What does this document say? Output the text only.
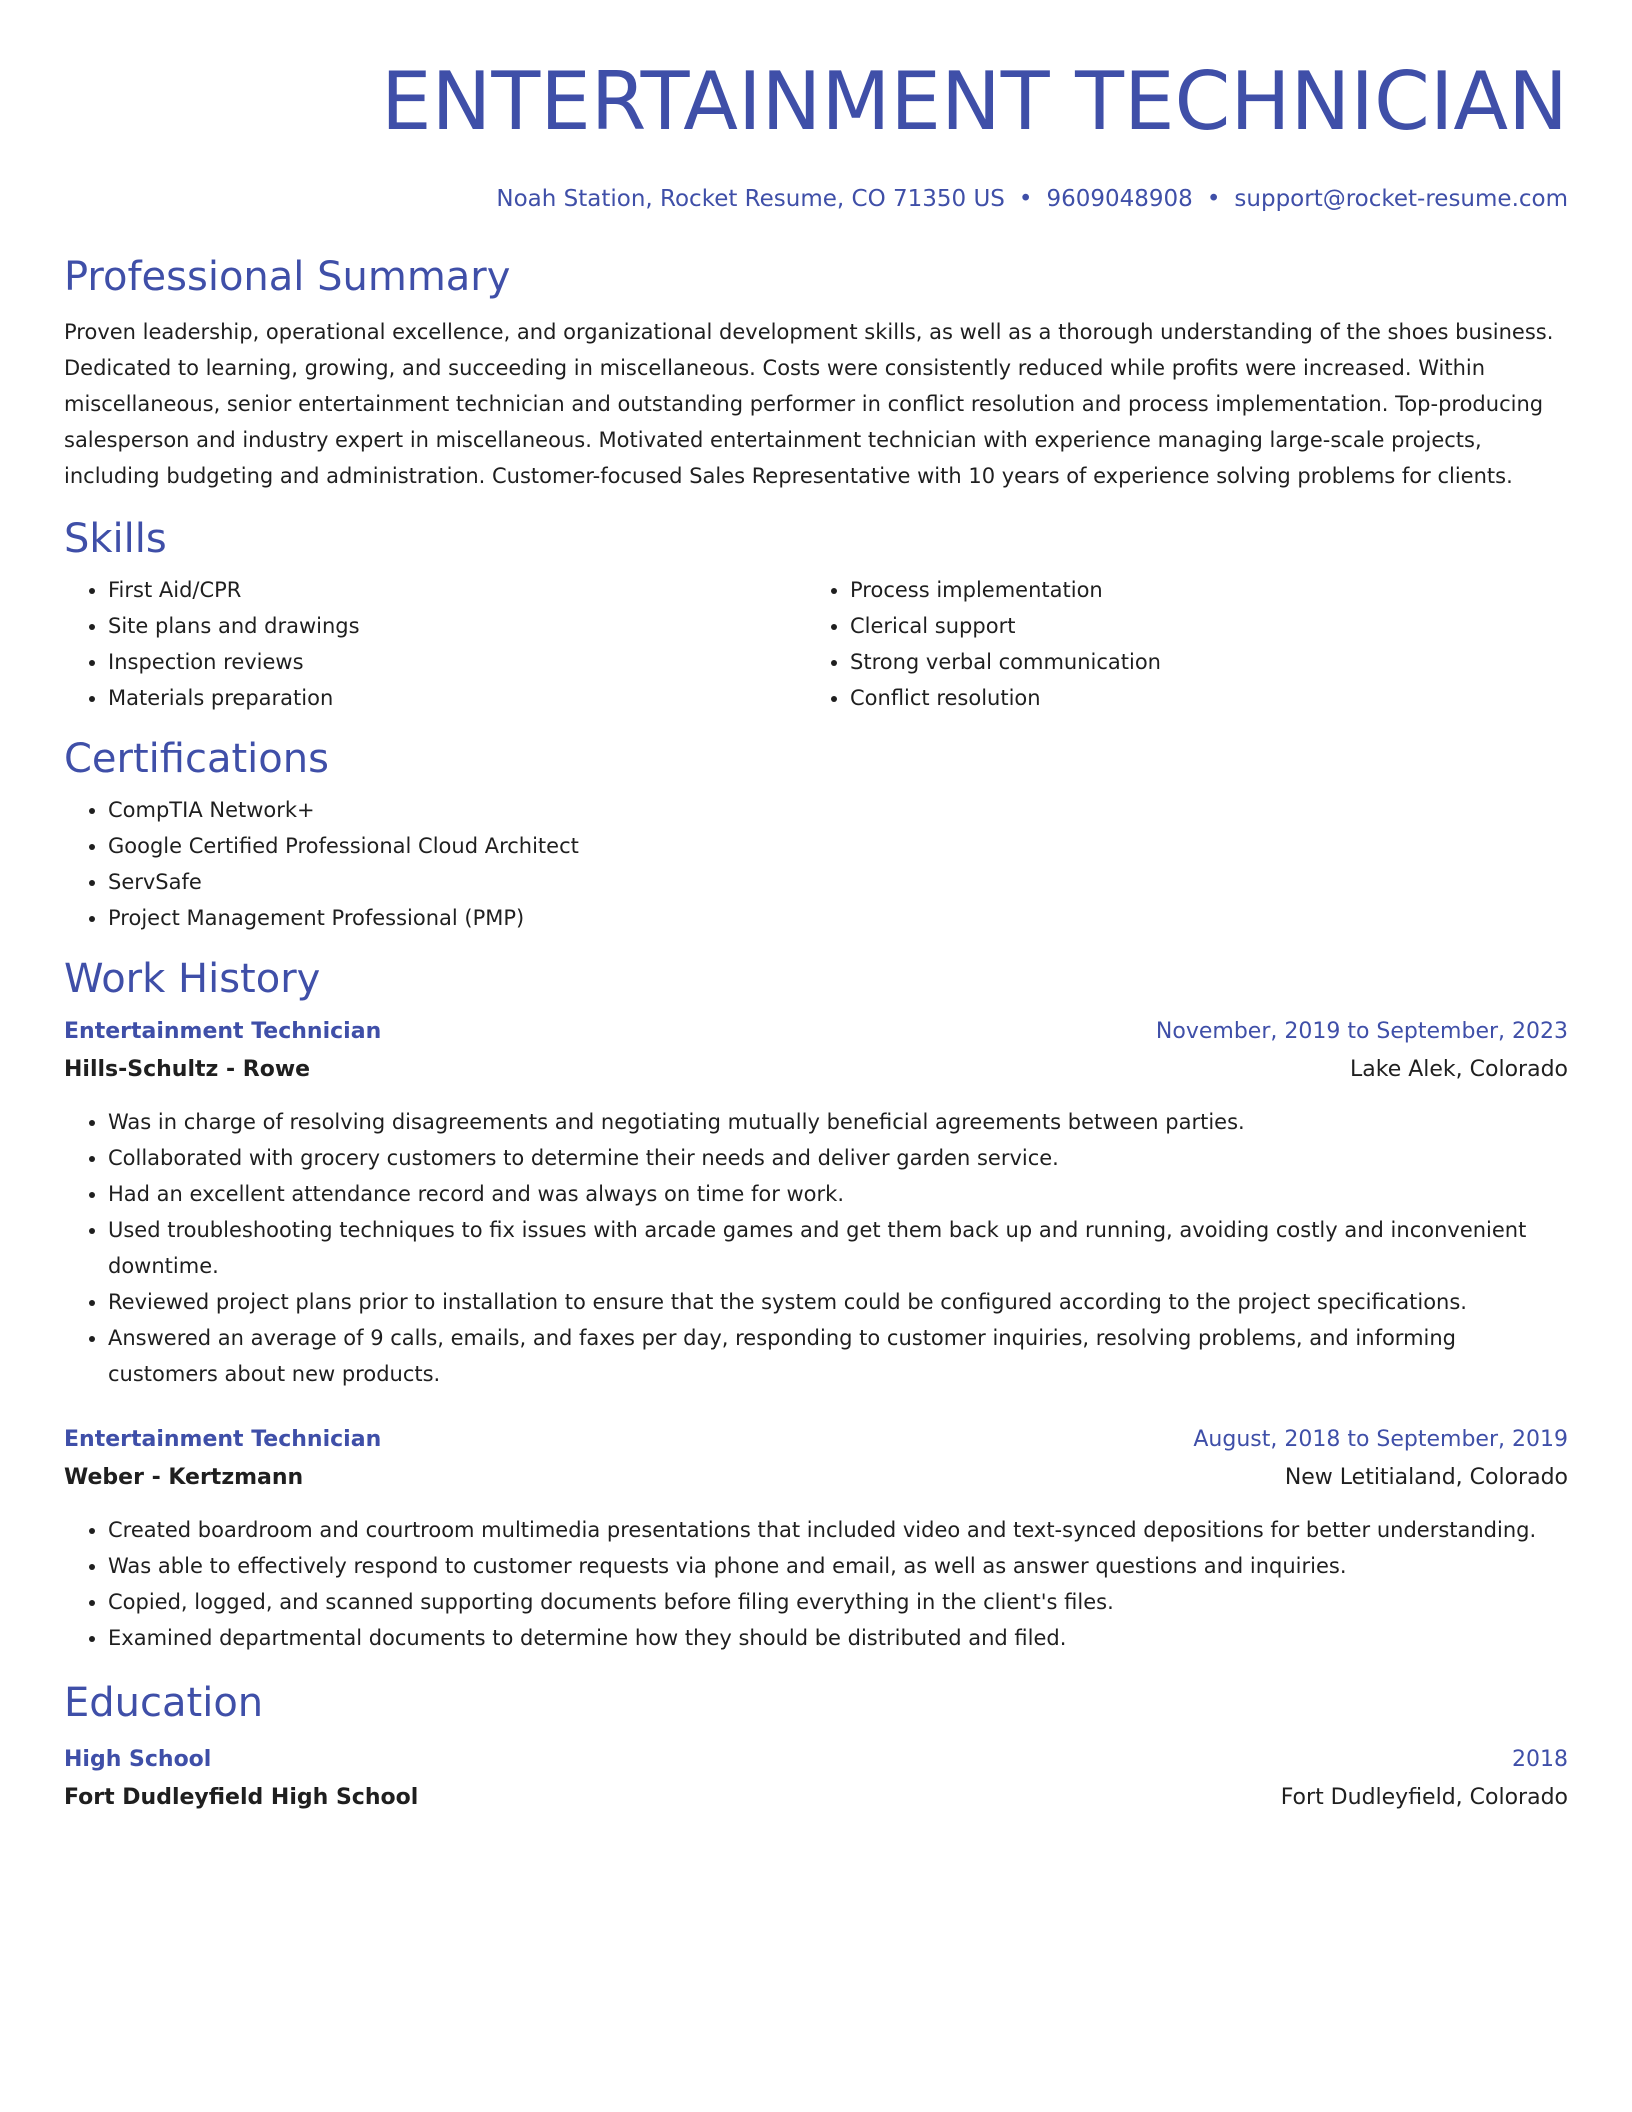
ENTERTAINMENT TECHNICIAN
Noah Station, Rocket Resume, CO 71350 US • 9609048908 • support@rocket-resume.com
Professional Summary

Proven leadership, operational excellence, and organizational development skills, as well as a thorough understanding of the shoes business. Dedicated to learning, growing, and succeeding in miscellaneous. Costs were consistently reduced while profits were increased. Within miscellaneous, senior entertainment technician and outstanding performer in conflict resolution and process implementation. Top-producing salesperson and industry expert in miscellaneous. Motivated entertainment technician with experience managing large-scale projects, including budgeting and administration. Customer-focused Sales Representative with 10 years of experience solving problems for clients.

Skills
• First Aid/CPR
• Site plans and drawings
• Inspection reviews
• Materials preparation
• Process implementation
• Clerical support
• Strong verbal communication
• Conflict resolution
Certifications
• CompTIA Network+
• Google Certified Professional Cloud Architect
• ServSafe
• Project Management Professional (PMP)
Work History
Entertainment Technician	November, 2019 to September, 2023
Hills-Schultz - Rowe	Lake Alek, Colorado
• Was in charge of resolving disagreements and negotiating mutually beneficial agreements between parties.
• Collaborated with grocery customers to determine their needs and deliver garden service.
• Had an excellent attendance record and was always on time for work.
• Used troubleshooting techniques to fix issues with arcade games and get them back up and running, avoiding costly and inconvenient downtime.
• Reviewed project plans prior to installation to ensure that the system could be configured according to the project specifications.
• Answered an average of 9 calls, emails, and faxes per day, responding to customer inquiries, resolving problems, and informing customers about new products.
Entertainment Technician	August, 2018 to September, 2019
Weber - Kertzmann	New Letitialand, Colorado
• Created boardroom and courtroom multimedia presentations that included video and text-synced depositions for better understanding.
• Was able to effectively respond to customer requests via phone and email, as well as answer questions and inquiries.
• Copied, logged, and scanned supporting documents before filing everything in the client's files.
• Examined departmental documents to determine how they should be distributed and filed.
Education
High School	2018
Fort Dudleyfield High School	Fort Dudleyfield, Colorado
